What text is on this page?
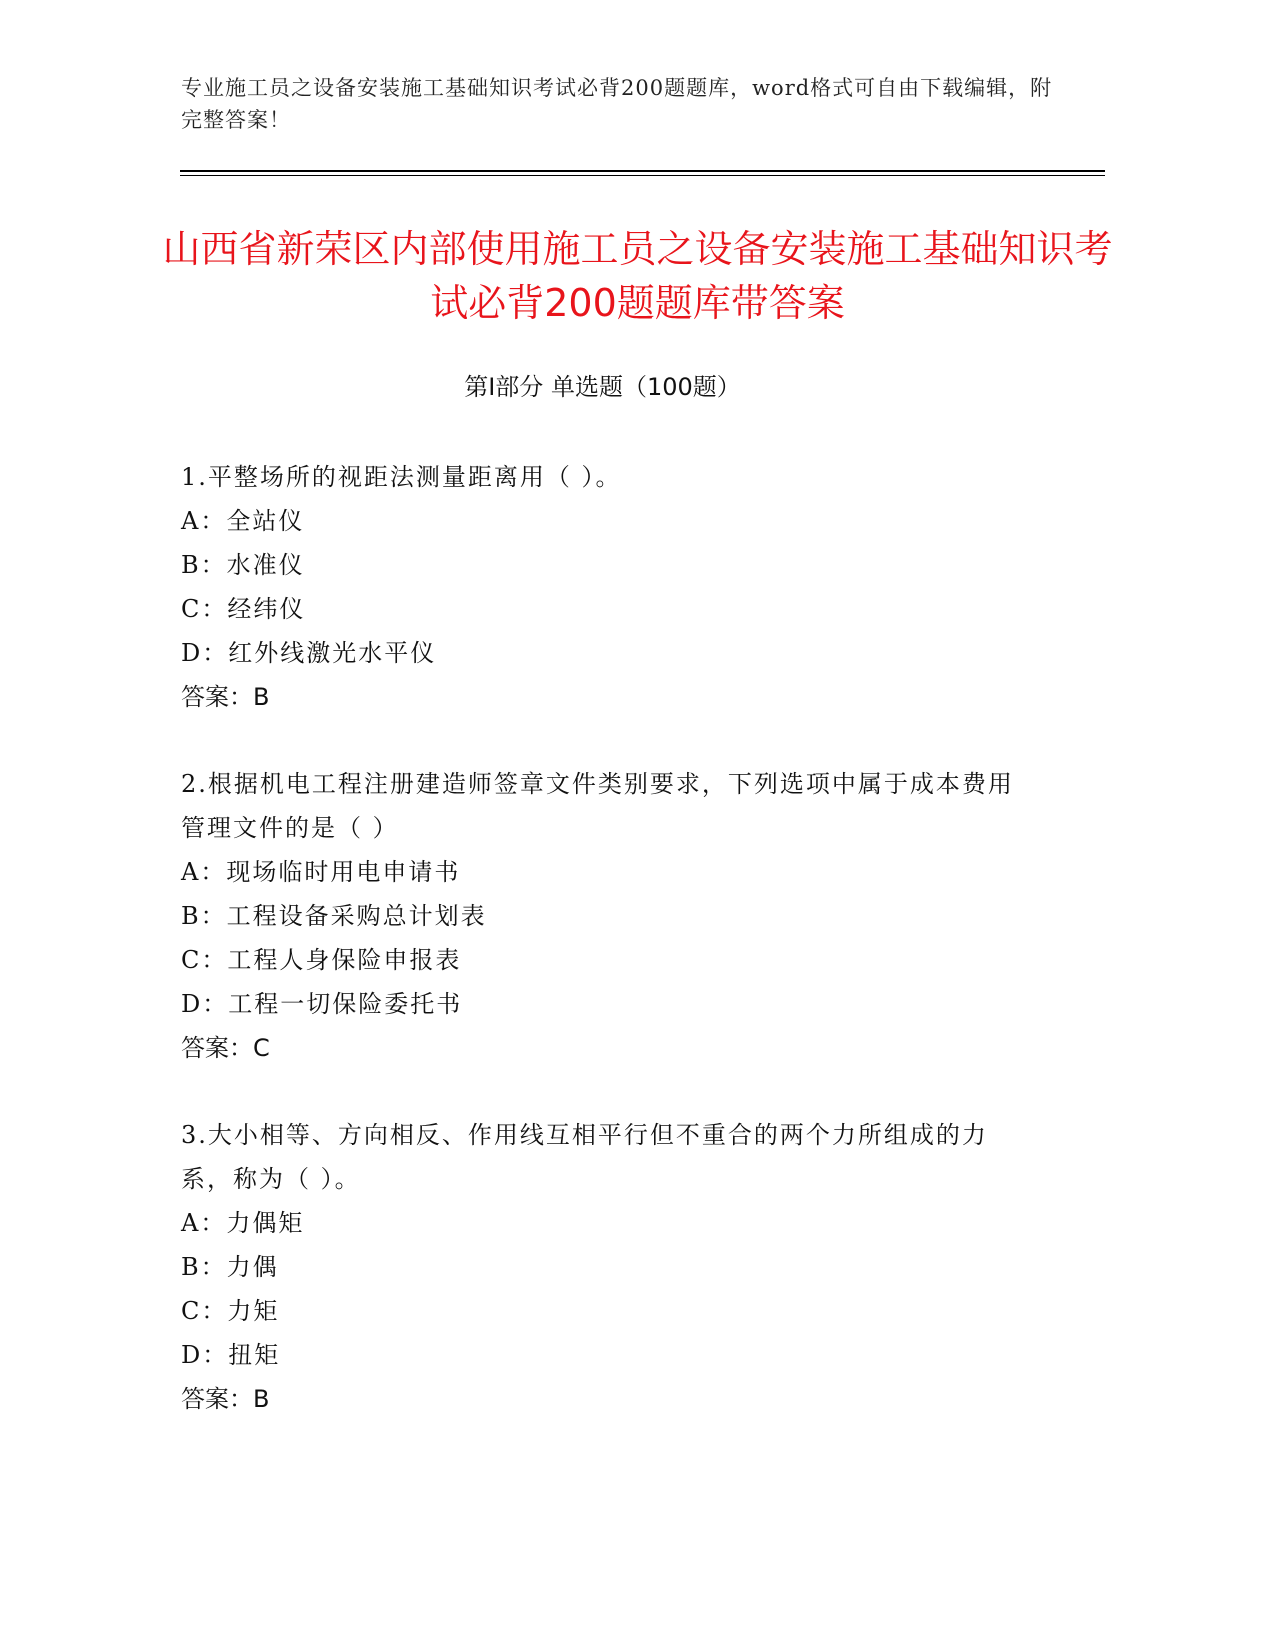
专业施工员之设备安装施工基础知识考试必背200题题库，word格式可自由下载编辑，附完整答案！
山西省新荣区内部使用施工员之设备安装施工基础知识考试必背200题题库带答案
第Ⅰ部分 单选题（100题）

1.平整场所的视距法测量距离用（ ）。

A：全站仪

B：水准仪

C：经纬仪

D：红外线激光水平仪

答案：B

2.根据机电工程注册建造师签章文件类别要求，下列选项中属于成本费用管理文件的是（ ）

A：现场临时用电申请书

B：工程设备采购总计划表

C：工程人身保险申报表

D：工程一切保险委托书

答案：C

3.大小相等、方向相反、作用线互相平行但不重合的两个力所组成的力系，称为（ ）。

A：力偶矩

B：力偶

C：力矩

D：扭矩

答案：B
